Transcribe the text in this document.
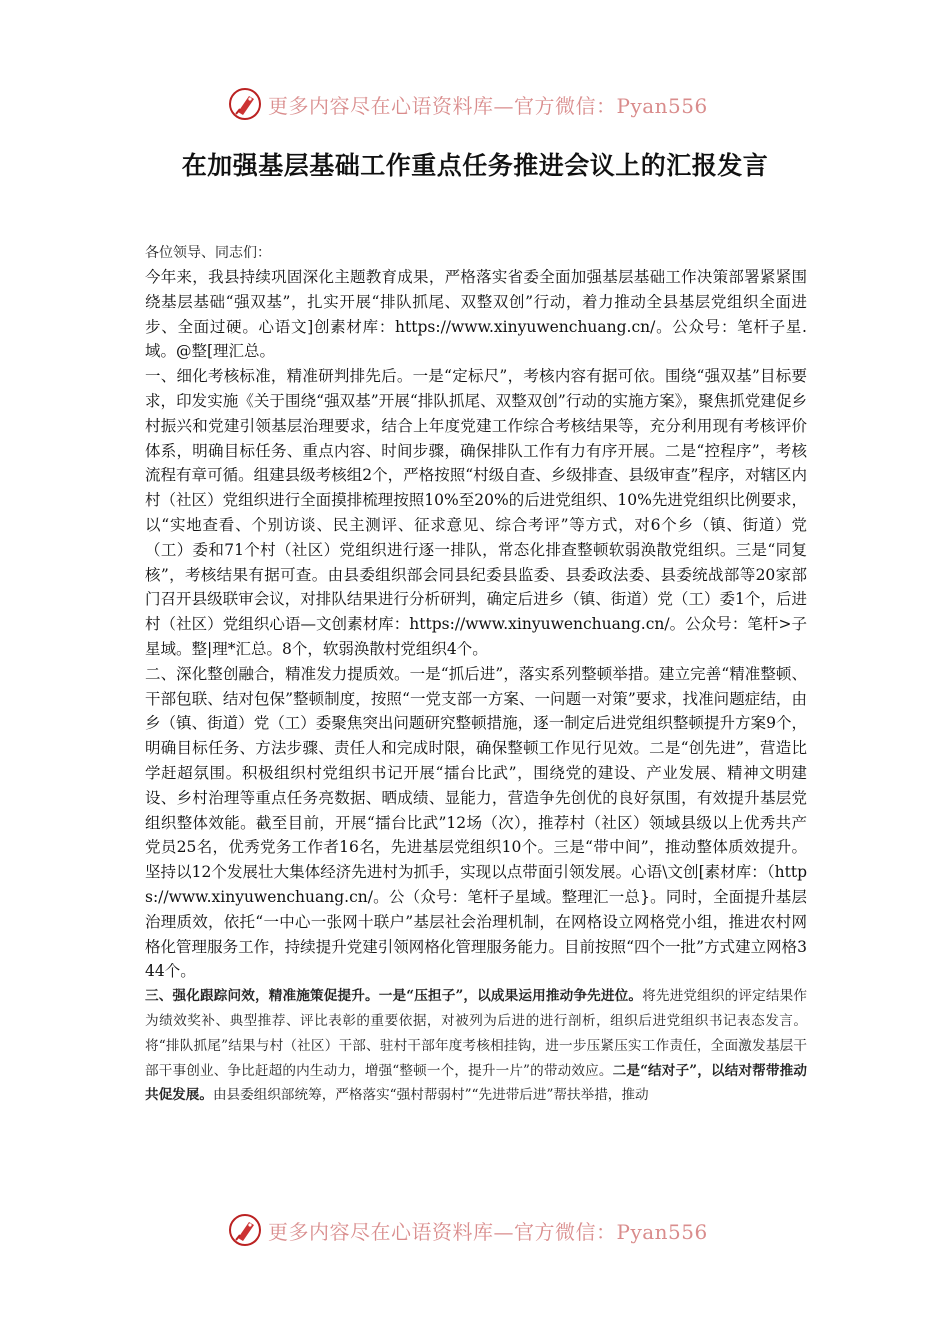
更多内容尽在心语资料库—官方微信：Pyan556
在加强基层基础工作重点任务推进会议上的汇报发言
各位领导、同志们：

今年来，我县持续巩固深化主题教育成果，严格落实省委全面加强基层基础工作决策部署紧紧围绕基层基础“强双基”，扎实开展“排队抓尾、双整双创”行动，着力推动全县基层党组织全面进步、全面过硬。心语文]创素材库：https://www.xinyuwenchuang.cn/。公众号：笔杆子星.域。@整[理汇总。

一、细化考核标准，精准研判排先后。一是“定标尺”，考核内容有据可依。围绕“强双基”目标要求，印发实施《关于围绕“强双基”开展“排队抓尾、双整双创”行动的实施方案》，聚焦抓党建促乡村振兴和党建引领基层治理要求，结合上年度党建工作综合考核结果等，充分利用现有考核评价体系，明确目标任务、重点内容、时间步骤，确保排队工作有力有序开展。二是“控程序”，考核流程有章可循。组建县级考核组2个，严格按照“村级自查、乡级排查、县级审查”程序，对辖区内村（社区）党组织进行全面摸排梳理按照10%至20%的后进党组织、10%先进党组织比例要求，以“实地查看、个别访谈、民主测评、征求意见、综合考评”等方式，对6个乡（镇、街道）党（工）委和71个村（社区）党组织进行逐一排队，常态化排查整顿软弱涣散党组织。三是“同复核”，考核结果有据可查。由县委组织部会同县纪委县监委、县委政法委、县委统战部等20家部门召开县级联审会议，对排队结果进行分析研判，确定后进乡（镇、街道）党（工）委1个，后进村（社区）党组织心语—文创素材库：https://www.xinyuwenchuang.cn/。公众号：笔杆>子星域。整|理*汇总。8个，软弱涣散村党组织4个。

二、深化整创融合，精准发力提质效。一是“抓后进”，落实系列整顿举措。建立完善“精准整顿、干部包联、结对包保”整顿制度，按照“一党支部一方案、一问题一对策”要求，找准问题症结，由乡（镇、街道）党（工）委聚焦突出问题研究整顿措施，逐一制定后进党组织整顿提升方案9个，明确目标任务、方法步骤、责任人和完成时限，确保整顿工作见行见效。二是“创先进”，营造比学赶超氛围。积极组织村党组织书记开展“擂台比武”，围绕党的建设、产业发展、精神文明建设、乡村治理等重点任务亮数据、晒成绩、显能力，营造争先创优的良好氛围，有效提升基层党组织整体效能。截至目前，开展“擂台比武”12场（次），推荐村（社区）领域县级以上优秀共产党员25名，优秀党务工作者16名，先进基层党组织10个。三是“带中间”，推动整体质效提升。坚持以12个发展壮大集体经济先进村为抓手，实现以点带面引领发展。心语\文创[素材库：（https://www.xinyuwenchuang.cn/。公（众号：笔杆子星域。整理汇一总}。同时，全面提升基层治理质效，依托“一中心一张网十联户”基层社会治理机制，在网格设立网格党小组，推进农村网格化管理服务工作，持续提升党建引领网格化管理服务能力。目前按照“四个一批”方式建立网格344个。

三、强化跟踪问效，精准施策促提升。一是“压担子”，以成果运用推动争先进位。将先进党组织的评定结果作为绩效奖补、典型推荐、评比表彰的重要依据，对被列为后进的进行剖析，组织后进党组织书记表态发言。将“排队抓尾”结果与村（社区）干部、驻村干部年度考核相挂钩，进一步压紧压实工作责任，全面激发基层干部干事创业、争比赶超的内生动力，增强“整顿一个，提升一片”的带动效应。二是“结对子”，以结对帮带推动共促发展。由县委组织部统筹，严格落实“强村帮弱村”“先进带后进”帮扶举措，推动

更多内容尽在心语资料库—官方微信：Pyan556
